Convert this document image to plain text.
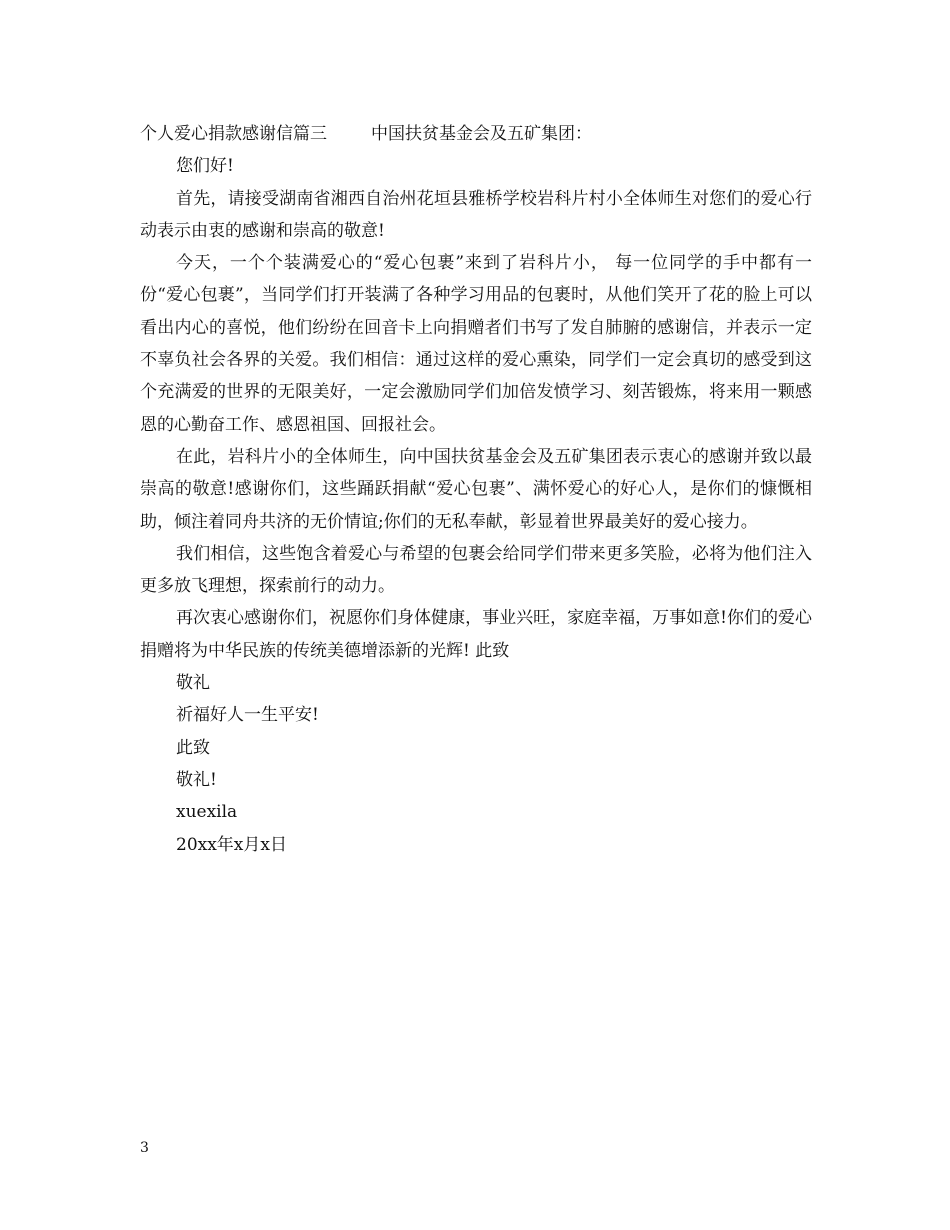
个人爱心捐款感谢信篇三	中国扶贫基金会及五矿集团：

您们好!

首先，请接受湖南省湘西自治州花垣县雅桥学校岩科片村小全体师生对您们的爱心行动表示由衷的感谢和崇高的敬意!

今天，一个个装满爱心的“爱心包裹”来到了岩科片小， 每一位同学的手中都有一份“爱心包裹”，当同学们打开装满了各种学习用品的包裹时，从他们笑开了花的脸上可以看出内心的喜悦，他们纷纷在回音卡上向捐赠者们书写了发自肺腑的感谢信，并表示一定不辜负社会各界的关爱。我们相信：通过这样的爱心熏染，同学们一定会真切的感受到这个充满爱的世界的无限美好，一定会激励同学们加倍发愤学习、刻苦锻炼，将来用一颗感恩的心勤奋工作、感恩祖国、回报社会。

在此，岩科片小的全体师生，向中国扶贫基金会及五矿集团表示衷心的感谢并致以最崇高的敬意!感谢你们，这些踊跃捐献“爱心包裹”、满怀爱心的好心人，是你们的慷慨相助，倾注着同舟共济的无价情谊;你们的无私奉献，彰显着世界最美好的爱心接力。

我们相信，这些饱含着爱心与希望的包裹会给同学们带来更多笑脸，必将为他们注入更多放飞理想，探索前行的动力。

再次衷心感谢你们，祝愿你们身体健康，事业兴旺，家庭幸福，万事如意!你们的爱心捐赠将为中华民族的传统美德增添新的光辉! 此致

敬礼

祈福好人一生平安!

此致

敬礼!

xuexila

20xx年x月x日

3
